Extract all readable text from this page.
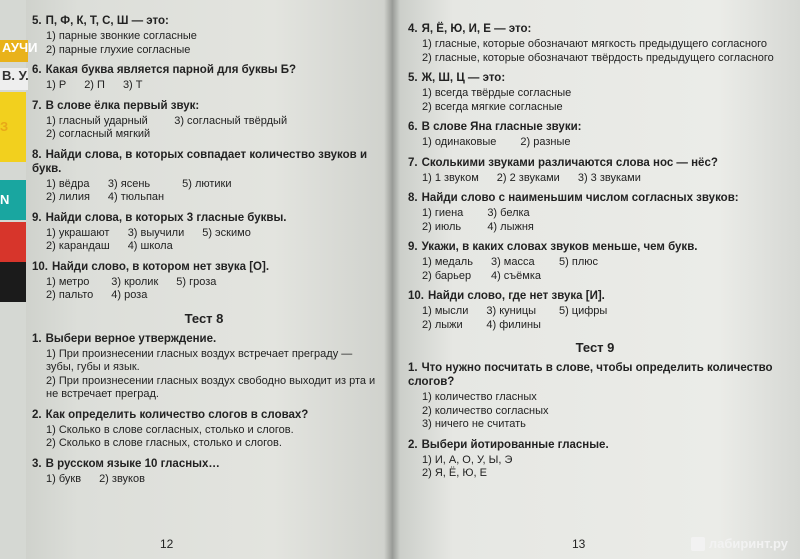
5. П, Ф, К, Т, С, Ш — это:
1) парные звонкие согласные
2) парные глухие согласные
6. Какая буква является парной для буквы Б?
1) Р 2) П 3) Т
7. В слове ёлка первый звук:
1) гласный ударный 3) согласный твёрдый
2) согласный мягкий
8. Найди слова, в которых совпадает количество звуков и букв.
1) вёдра 3) ясень	5) лютики
2) лилия 4) тюльпан
9. Найди слова, в которых 3 гласные буквы.
1) украшают 3) выучили 5) эскимо
2) карандаш 4) школа
10. Найди слово, в котором нет звука [О].
1) метро	3) кролик 5) гроза
2) пальто 4) роза
Тест 8
1. Выбери верное утверждение.
1) При произнесении гласных воздух встречает преграду — зубы, губы и язык.
2) При произнесении гласных воздух свободно выходит из рта и не встречает преград.
2. Как определить количество слогов в словах?
1) Сколько в слове согласных, столько и слогов.
2) Сколько в слове гласных, столько и слогов.
3. В русском языке 10 гласных…
1) букв 2) звуков
12
АУЧИ
В. У.
З
N
4. Я, Ё, Ю, И, Е — это:
1) гласные, которые обозначают мягкость предыдущего согласного
2) гласные, которые обозначают твёрдость предыдущего согласного
5. Ж, Ш, Ц — это:
1) всегда твёрдые согласные
2) всегда мягкие согласные
6. В слове Яна гласные звуки:
1) одинаковые 2) разные
7. Сколькими звуками различаются слова нос — нёс?
1) 1 звуком 2) 2 звуками 3) 3 звуками
8. Найди слово с наименьшим числом согласных звуков:
1) гиена 3) белка
2) июль 4) лыжня
9. Укажи, в каких словах звуков меньше, чем букв.
1) медаль 3) масса	5) плюс
2) барьер 4) съёмка
10. Найди слово, где нет звука [И].
1) мысли 3) куницы	5) цифры
2) лыжи	4) филины
Тест 9
1. Что нужно посчитать в слове, чтобы определить количество слогов?
1) количество гласных
2) количество согласных
3) ничего не считать
2. Выбери йотированные гласные.
1) И, А, О, У, Ы, Э
2) Я, Ё, Ю, Е
13	лабиринт.ру
